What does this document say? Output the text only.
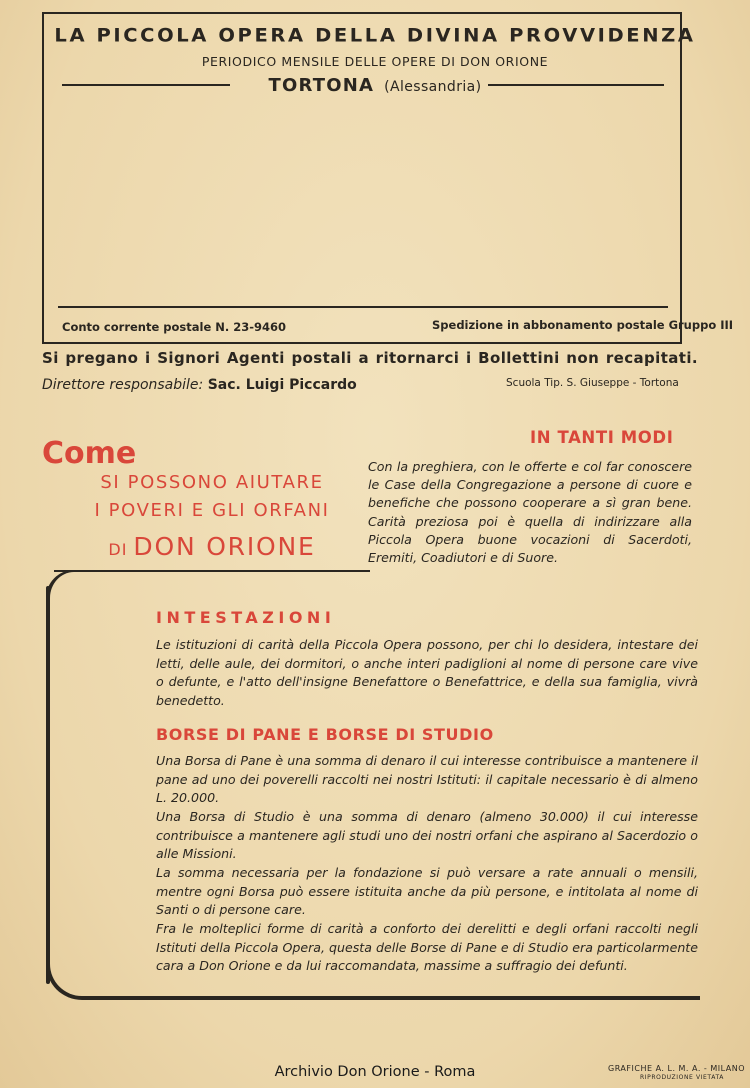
LA PICCOLA OPERA DELLA DIVINA PROVVIDENZA
PERIODICO MENSILE DELLE OPERE DI DON ORIONE
TORTONA (Alessandria)
Conto corrente postale N. 23-9460	Spedizione in abbonamento postale Gruppo III
Si pregano i Signori Agenti postali a ritornarci i Bollettini non recapitati.
Direttore responsabile: Sac. Luigi Piccardo	Scuola Tip. S. Giuseppe - Tortona
Come
SI POSSONO AIUTARE
I POVERI E GLI ORFANI
DI DON ORIONE
IN TANTI MODI
Con la preghiera, con le offerte e col far conoscere le Case della Congregazione a persone di cuore e benefiche che possono cooperare a sì gran bene. Carità preziosa poi è quella di indirizzare alla Piccola Opera buone vocazioni di Sacerdoti, Eremiti, Coadiutori e di Suore.
INTESTAZIONI
Le istituzioni di carità della Piccola Opera possono, per chi lo desidera, intestare dei letti, delle aule, dei dormitori, o anche interi padiglioni al nome di persone care vive o defunte, e l'atto dell'insigne Benefattore o Benefattrice, e della sua famiglia, vivrà benedetto.
BORSE DI PANE E BORSE DI STUDIO
Una Borsa di Pane è una somma di denaro il cui interesse contribuisce a mantenere il pane ad uno dei poverelli raccolti nei nostri Istituti: il capitale necessario è di almeno L. 20.000.
Una Borsa di Studio è una somma di denaro (almeno 30.000) il cui interesse contribuisce a mantenere agli studi uno dei nostri orfani che aspirano al Sacerdozio o alle Missioni.
La somma necessaria per la fondazione si può versare a rate annuali o mensili, mentre ogni Borsa può essere istituita anche da più persone, e intitolata al nome di Santi o di persone care.
Fra le molteplici forme di carità a conforto dei derelitti e degli orfani raccolti negli Istituti della Piccola Opera, questa delle Borse di Pane e di Studio era particolarmente cara a Don Orione e da lui raccomandata, massime a suffragio dei defunti.
Archivio Don Orione - Roma	GRAFICHE A. L. M. A. - MILANO
RIPRODUZIONE VIETATA
